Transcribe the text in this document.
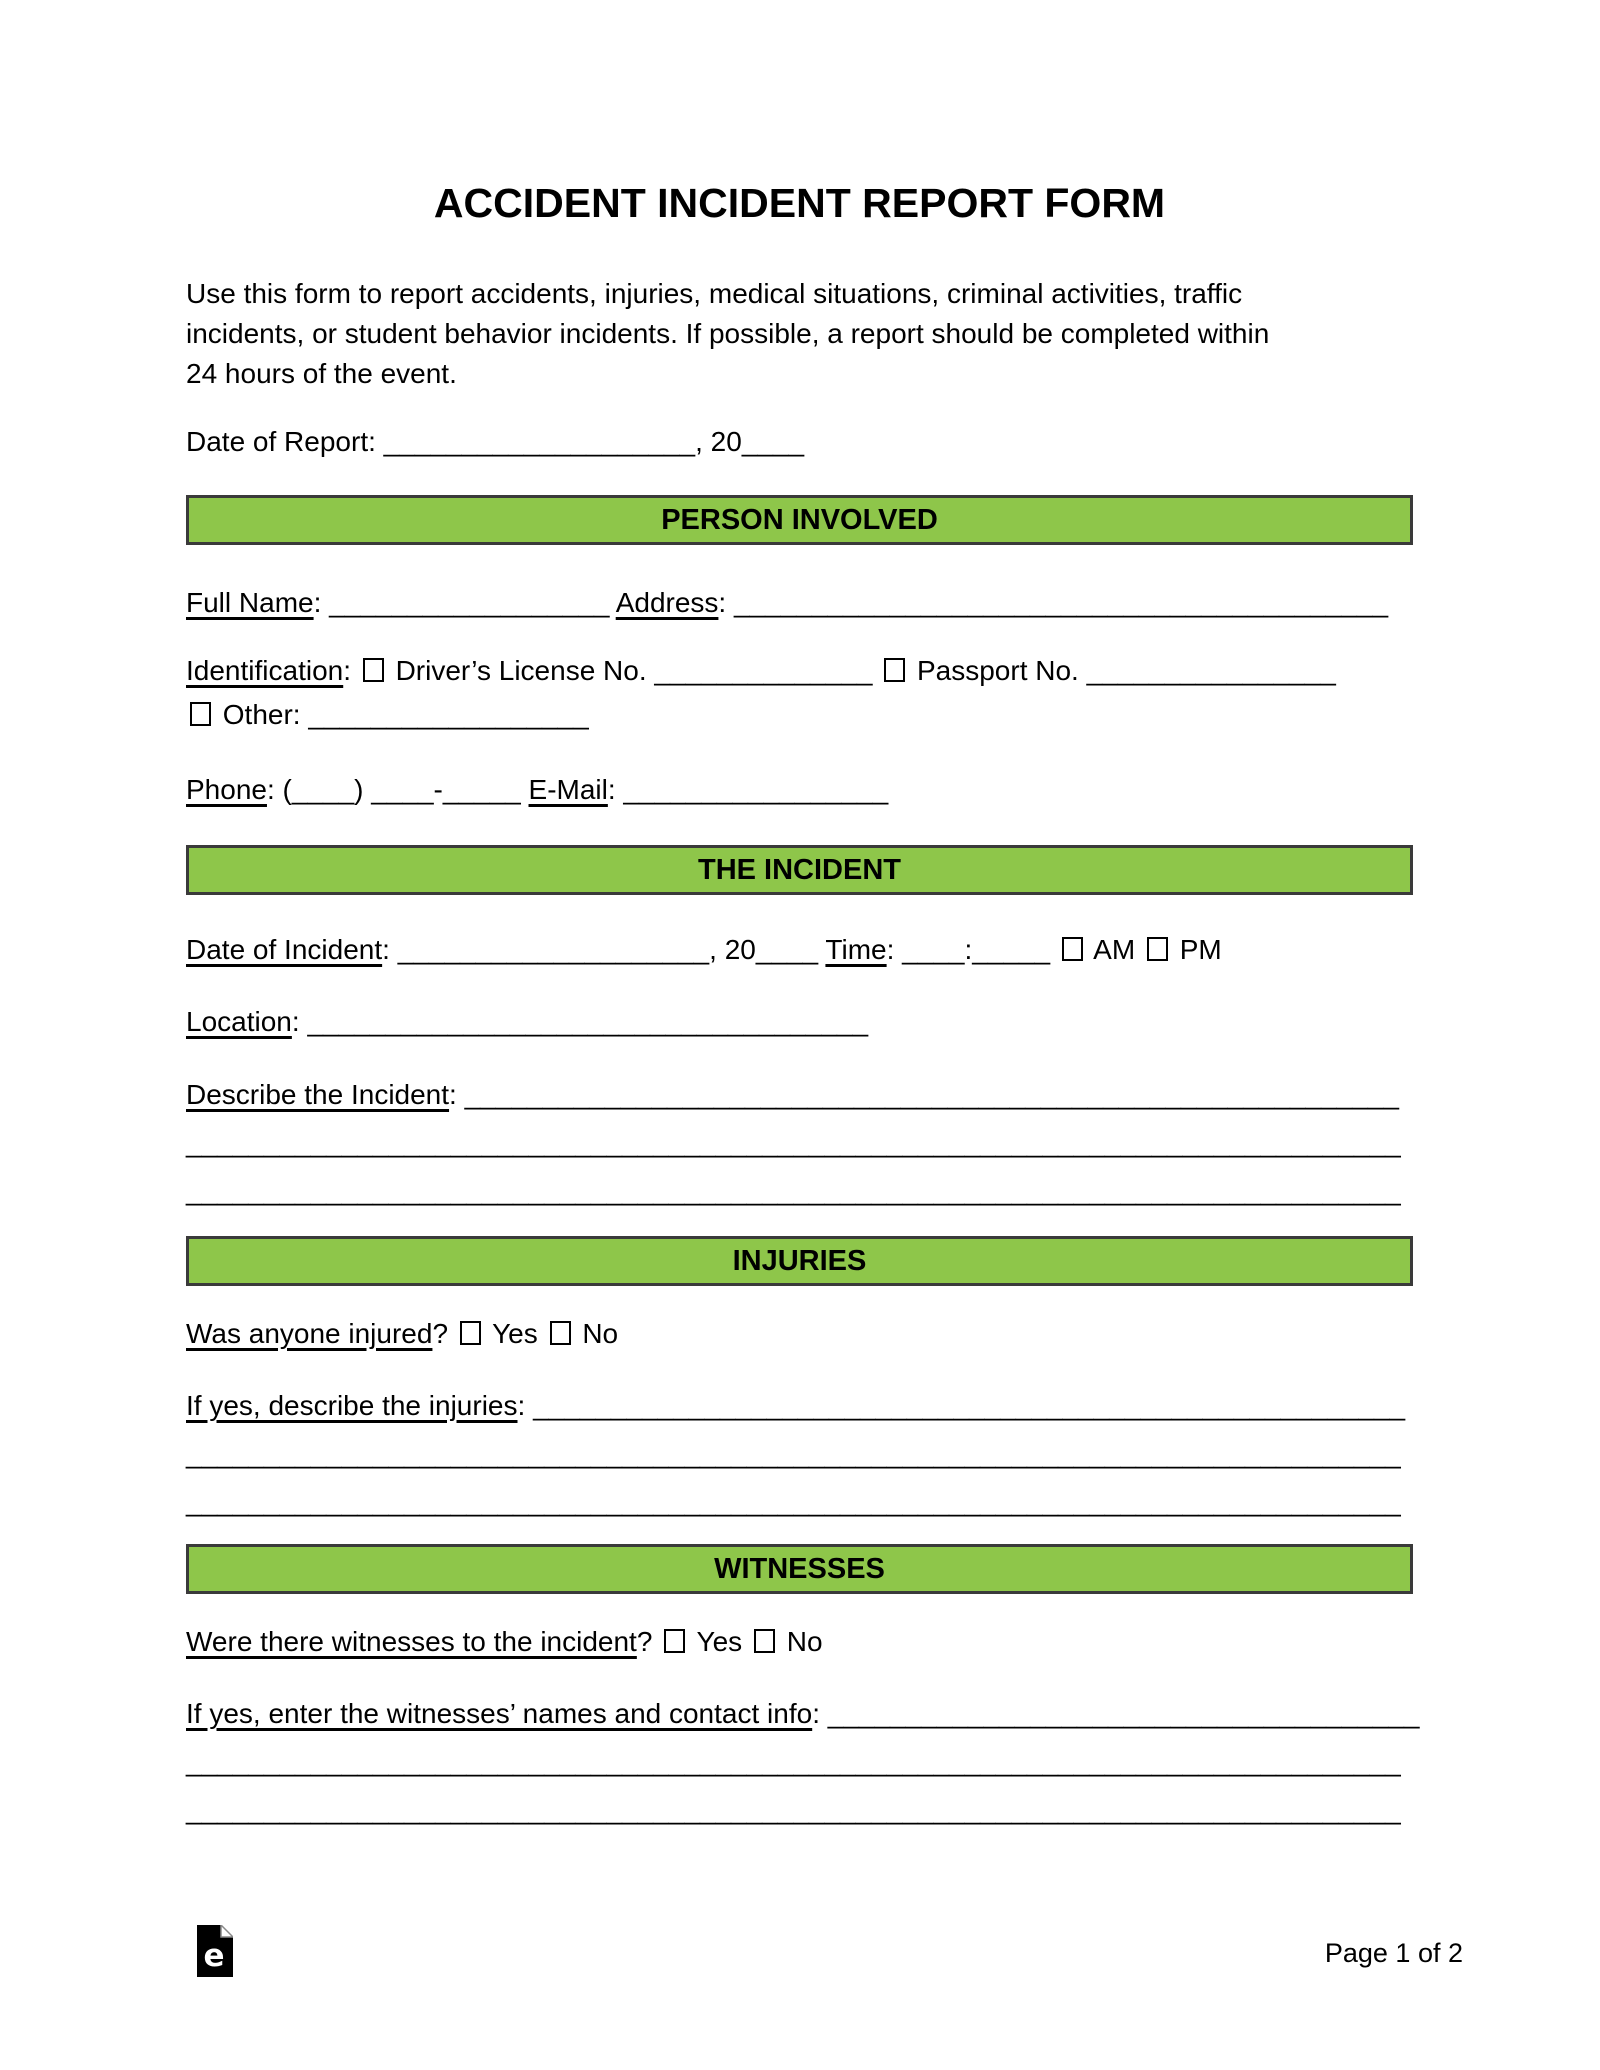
ACCIDENT INCIDENT REPORT FORM
Use this form to report accidents, injuries, medical situations, criminal activities, traffic
incidents, or student behavior incidents. If possible, a report should be completed within
24 hours of the event.
Date of Report: ____________________, 20____
PERSON INVOLVED
Full Name: __________________ Address: __________________________________________
Identification: Driver’s License No. ______________ Passport No. ________________
Other: __________________
Phone: (____) ____-_____ E-Mail: _________________
THE INCIDENT
Date of Incident: ____________________, 20____ Time: ____:_____ AM PM
Location: ____________________________________
Describe the Incident: ____________________________________________________________
______________________________________________________________________________
______________________________________________________________________________
INJURIES
Was anyone injured? Yes No
If yes, describe the injuries: ________________________________________________________
______________________________________________________________________________
______________________________________________________________________________
WITNESSES
Were there witnesses to the incident? Yes No
If yes, enter the witnesses’ names and contact info: ______________________________________
______________________________________________________________________________
______________________________________________________________________________
e	Page 1 of 2
